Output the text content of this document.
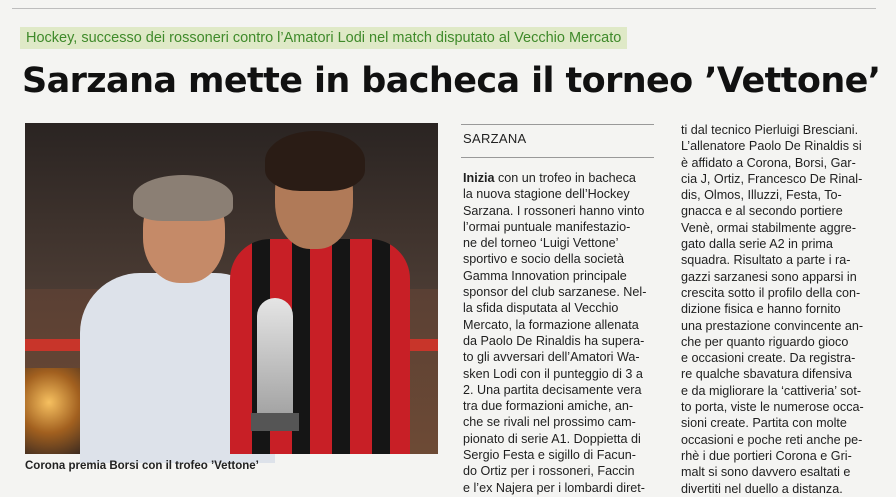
Hockey, successo dei rossoneri contro l’Amatori Lodi nel match disputato al Vecchio Mercato
Sarzana mette in bacheca il torneo ’Vettone’
Corona premia Borsi con il trofeo ’Vettone’
SARZANA

Inizia con un trofeo in bacheca
la nuova stagione dell’Hockey
Sarzana. I rossoneri hanno vinto
l’ormai puntuale manifestazio-
ne del torneo ‘Luigi Vettone’
sportivo e socio della società
Gamma Innovation principale
sponsor del club sarzanese. Nel-
la sfida disputata al Vecchio
Mercato, la formazione allenata
da Paolo De Rinaldis ha supera-
to gli avversari dell’Amatori Wa-
sken Lodi con il punteggio di 3 a
2. Una partita decisamente vera
tra due formazioni amiche, an-
che se rivali nel prossimo cam-
pionato di serie A1. Doppietta di
Sergio Festa e sigillo di Facun-
do Ortiz per i rossoneri, Faccin
e l’ex Najera per i lombardi diret-

ti dal tecnico Pierluigi Bresciani.
L’allenatore Paolo De Rinaldis si
è affidato a Corona, Borsi, Gar-
cia J, Ortiz, Francesco De Rinal-
dis, Olmos, Illuzzi, Festa, To-
gnacca e al secondo portiere
Venè, ormai stabilmente aggre-
gato dalla serie A2 in prima
squadra. Risultato a parte i ra-
gazzi sarzanesi sono apparsi in
crescita sotto il profilo della con-
dizione fisica e hanno fornito
una prestazione convincente an-
che per quanto riguardo gioco
e occasioni create. Da registra-
re qualche sbavatura difensiva
e da migliorare la ‘cattiveria’ sot-
to porta, viste le numerose occa-
sioni create. Partita con molte
occasioni e poche reti anche pe-
rhè i due portieri Corona e Gri-
malt si sono davvero esaltati e
divertiti nel duello a distanza.
